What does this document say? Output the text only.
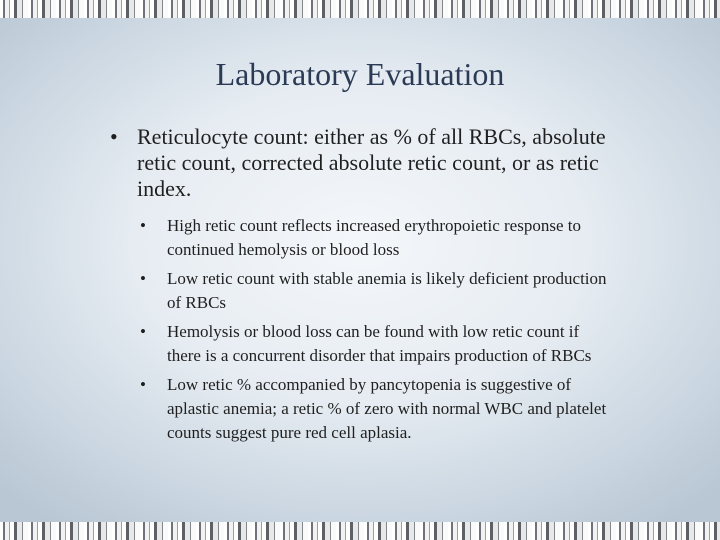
Laboratory Evaluation
• Reticulocyte count: either as % of all RBCs, absolute retic count, corrected absolute retic count, or as retic index.
• High retic count reflects increased erythropoietic response to continued hemolysis or blood loss
• Low retic count with stable anemia is likely deficient production of RBCs
• Hemolysis or blood loss can be found with low retic count if there is a concurrent disorder that impairs production of RBCs
• Low retic % accompanied by pancytopenia is suggestive of aplastic anemia; a retic % of zero with normal WBC and platelet counts suggest pure red cell aplasia.
